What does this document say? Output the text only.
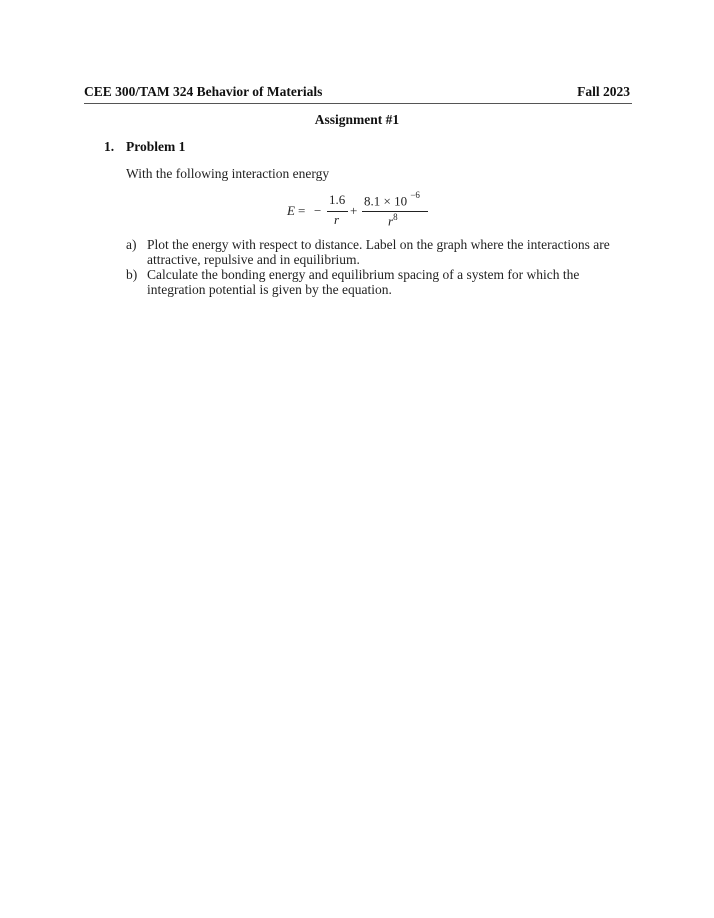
CEE 300/TAM 324 Behavior of Materials	Fall 2023
Assignment #1
1. Problem 1
With the following interaction energy
E = −
1.6
r
+
8.1 × 10 $^{-6}$
$r^8$
a) Plot the energy with respect to distance. Label on the graph where the interactions are attractive, repulsive and in equilibrium.
b) Calculate the bonding energy and equilibrium spacing of a system for which the integration potential is given by the equation.
